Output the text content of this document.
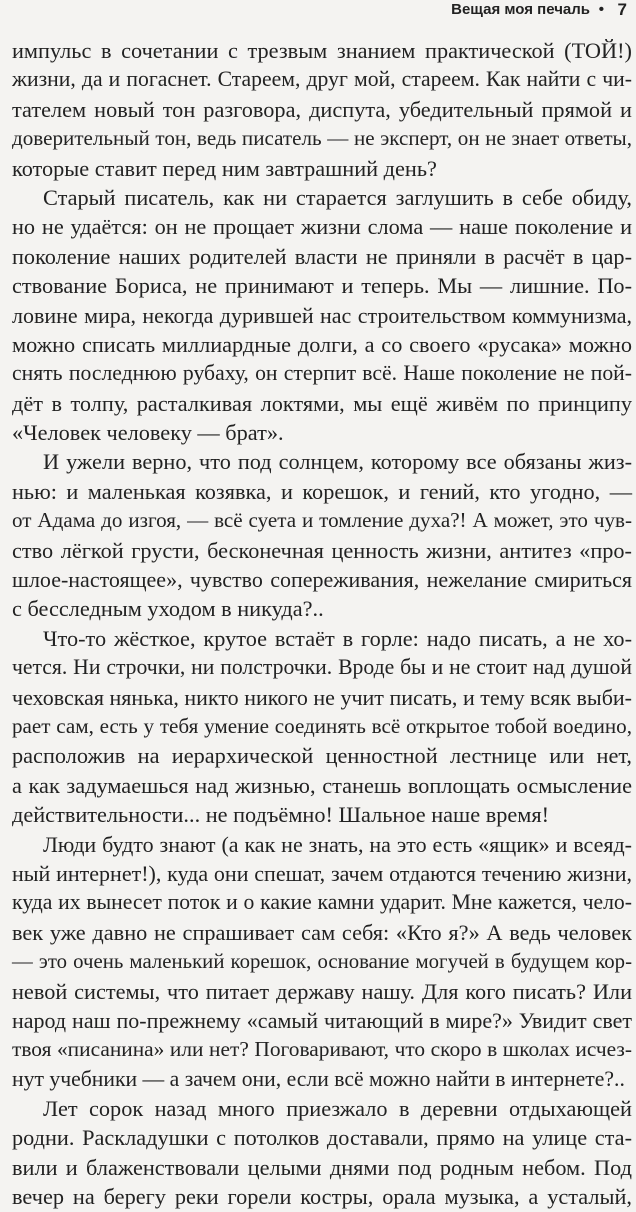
Вещая моя печаль • 7
импульс в сочетании с трезвым знанием практической (ТОЙ!)
жизни, да и погаснет. Стареем, друг мой, стареем. Как найти с чи-
тателем новый тон разговора, диспута, убедительный прямой и
доверительный тон, ведь писатель — не эксперт, он не знает ответы,
которые ставит перед ним завтрашний день?
Старый писатель, как ни старается заглушить в себе обиду,
но не удаётся: он не прощает жизни слома — наше поколение и
поколение наших родителей власти не приняли в расчёт в цар-
ствование Бориса, не принимают и теперь. Мы — лишние. По-
ловине мира, некогда дурившей нас строительством коммунизма,
можно списать миллиардные долги, а со своего «русака» можно
снять последнюю рубаху, он стерпит всё. Наше поколение не пой-
дёт в толпу, расталкивая локтями, мы ещё живём по принципу
«Человек человеку — брат».
И ужели верно, что под солнцем, которому все обязаны жиз-
нью: и маленькая козявка, и корешок, и гений, кто угодно, —
от Адама до изгоя, — всё суета и томление духа?! А может, это чув-
ство лёгкой грусти, бесконечная ценность жизни, антитез «про-
шлое-настоящее», чувство сопереживания, нежелание смириться
с бесследным уходом в никуда?..
Что-то жёсткое, крутое встаёт в горле: надо писать, а не хо-
чется. Ни строчки, ни полстрочки. Вроде бы и не стоит над душой
чеховская нянька, никто никого не учит писать, и тему всяк выби-
рает сам, есть у тебя умение соединять всё открытое тобой воедино,
расположив на иерархической ценностной лестнице или нет,
а как задумаешься над жизнью, станешь воплощать осмысление
действительности... не подъёмно! Шальное наше время!
Люди будто знают (а как не знать, на это есть «ящик» и всеяд-
ный интернет!), куда они спешат, зачем отдаются течению жизни,
куда их вынесет поток и о какие камни ударит. Мне кажется, чело-
век уже давно не спрашивает сам себя: «Кто я?» А ведь человек
— это очень маленький корешок, основание могучей в будущем кор-
невой системы, что питает державу нашу. Для кого писать? Или
народ наш по-прежнему «самый читающий в мире?» Увидит свет
твоя «писанина» или нет? Поговаривают, что скоро в школах исчез-
нут учебники — а зачем они, если всё можно найти в интернете?..
Лет сорок назад много приезжало в деревни отдыхающей
родни. Раскладушки с потолков доставали, прямо на улице ста-
вили и блаженствовали целыми днями под родным небом. Под
вечер на берегу реки горели костры, орала музыка, а усталый,
